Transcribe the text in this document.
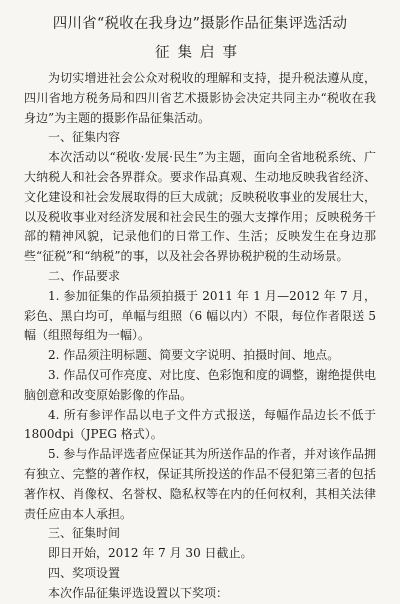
四川省“税收在我身边”摄影作品征集评选活动
征集启事

为切实增进社会公众对税收的理解和支持，提升税法遵从度，四川省地方税务局和四川省艺术摄影协会决定共同主办“税收在我身边”为主题的摄影作品征集活动。

一、征集内容

本次活动以“税收·发展·民生”为主题，面向全省地税系统、广大纳税人和社会各界群众。要求作品真观、生动地反映我省经济、文化建设和社会发展取得的巨大成就；反映税收事业的发展壮大，以及税收事业对经济发展和社会民生的强大支撑作用；反映税务干部的精神风貌，记录他们的日常工作、生活；反映发生在身边那些“征税”和“纳税”的事，以及社会各界协税护税的生动场景。

二、作品要求

1. 参加征集的作品须拍摄于 2011 年 1 月—2012 年 7 月，彩色、黑白均可，单幅与组照（6 幅以内）不限，每位作者限送 5 幅（组照每组为一幅）。

2. 作品须注明标题、简要文字说明、拍摄时间、地点。

3. 作品仅可作亮度、对比度、色彩饱和度的调整，谢绝提供电脑创意和改变原始影像的作品。

4. 所有参评作品以电子文件方式报送，每幅作品边长不低于 1800dpi（JPEG 格式）。

5. 参与作品评选者应保证其为所送作品的作者，并对该作品拥有独立、完整的著作权，保证其所投送的作品不侵犯第三者的包括著作权、肖像权、名誉权、隐私权等在内的任何权利，其相关法律责任应由本人承担。

三、征集时间

即日开始，2012 年 7 月 30 日截止。

四、奖项设置

本次作品征集评选设置以下奖项：
